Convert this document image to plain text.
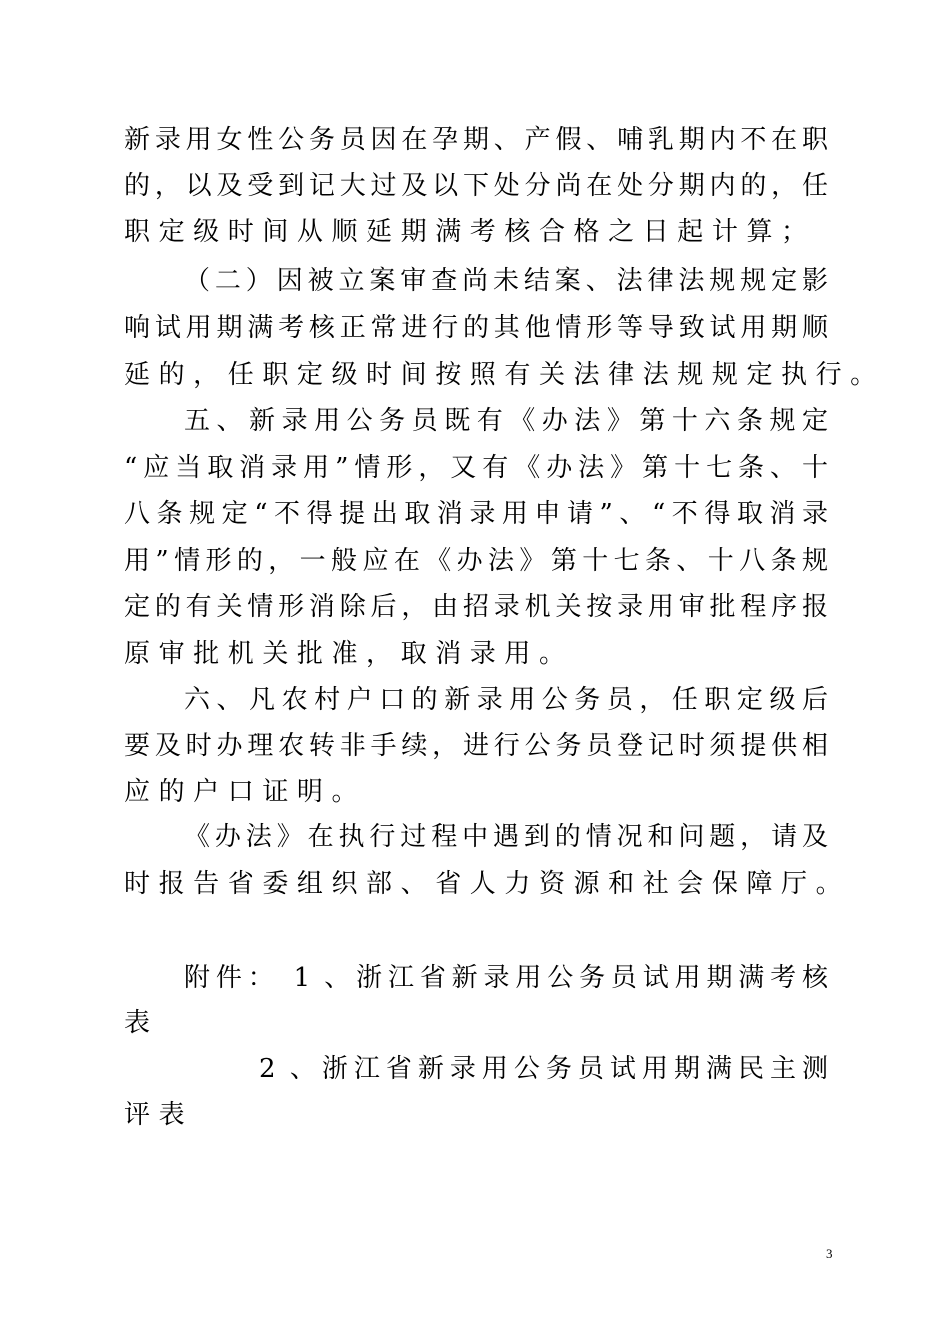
新录用女性公务员因在孕期、产假、哺乳期内不在职
的，以及受到记大过及以下处分尚在处分期内的，任
职定级时间从顺延期满考核合格之日起计算；
（二）因被立案审查尚未结案、法律法规规定影
响试用期满考核正常进行的其他情形等导致试用期顺
延的，任职定级时间按照有关法律法规规定执行。
五、新录用公务员既有《办法》第十六条规定
“应当取消录用”情形，又有《办法》第十七条、十
八条规定“不得提出取消录用申请”、“不得取消录
用”情形的，一般应在《办法》第十七条、十八条规
定的有关情形消除后，由招录机关按录用审批程序报
原审批机关批准，取消录用。
六、凡农村户口的新录用公务员，任职定级后
要及时办理农转非手续，进行公务员登记时须提供相
应的户口证明。
《办法》在执行过程中遇到的情况和问题，请及
时报告省委组织部、省人力资源和社会保障厅。
附件： 1 、浙江省新录用公务员试用期满考核
表
2 、浙江省新录用公务员试用期满民主测
评表
3
